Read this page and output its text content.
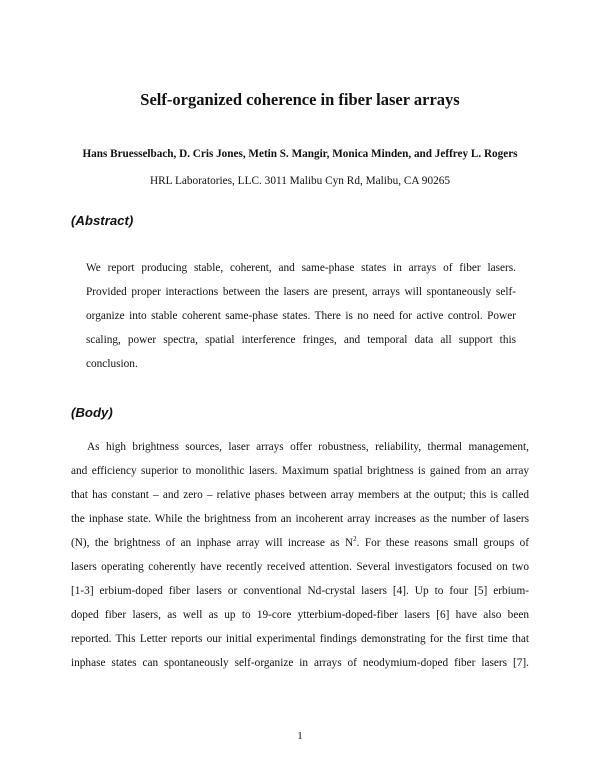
Self-organized coherence in fiber laser arrays

Hans Bruesselbach, D. Cris Jones, Metin S. Mangir, Monica Minden, and Jeffrey L. Rogers

HRL Laboratories, LLC. 3011 Malibu Cyn Rd, Malibu, CA 90265

(Abstract)
We report producing stable, coherent, and same-phase states in arrays of fiber lasers.
Provided proper interactions between the lasers are present, arrays will spontaneously self-
organize into stable coherent same-phase states. There is no need for active control. Power
scaling, power spectra, spatial interference fringes, and temporal data all support this
conclusion.
(Body)
As high brightness sources, laser arrays offer robustness, reliability, thermal management,
and efficiency superior to monolithic lasers. Maximum spatial brightness is gained from an array
that has constant – and zero – relative phases between array members at the output; this is called
the inphase state. While the brightness from an incoherent array increases as the number of lasers
(N), the brightness of an inphase array will increase as $N^2$. For these reasons small groups of
lasers operating coherently have recently received attention. Several investigators focused on two
[1-3] erbium-doped fiber lasers or conventional Nd-crystal lasers [4]. Up to four [5] erbium-
doped fiber lasers, as well as up to 19-core ytterbium-doped-fiber lasers [6] have also been
reported. This Letter reports our initial experimental findings demonstrating for the first time that
inphase states can spontaneously self-organize in arrays of neodymium-doped fiber lasers [7].

1
